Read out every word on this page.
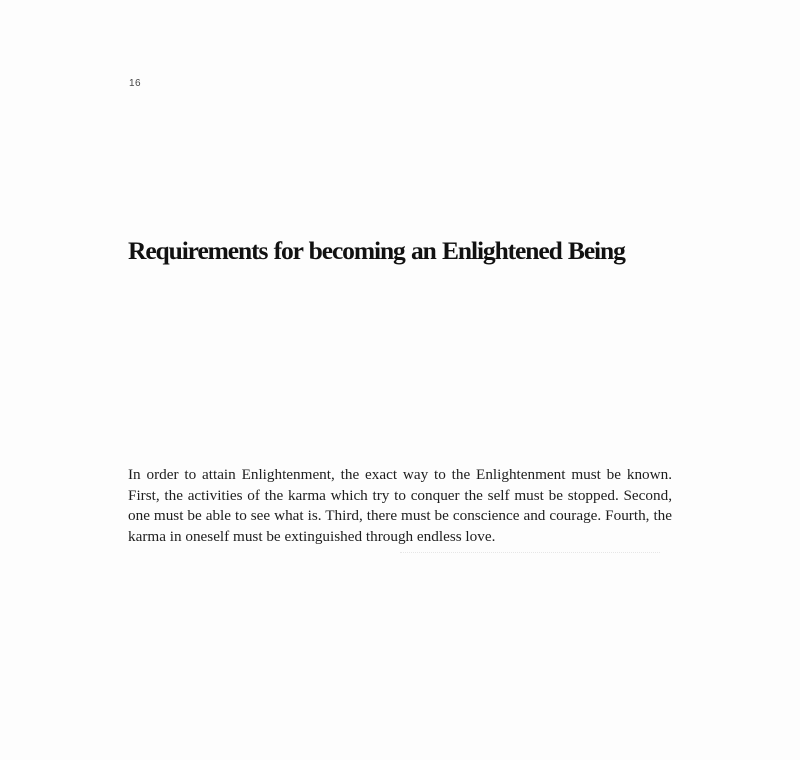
16
Requirements for becoming an Enlightened Being

In order to attain Enlightenment, the exact way to the Enlightenment must be known. First, the activities of the karma which try to conquer the self must be stopped. Second, one must be able to see what is. Third, there must be conscience and courage. Fourth, the karma in oneself must be extinguished through endless love.
